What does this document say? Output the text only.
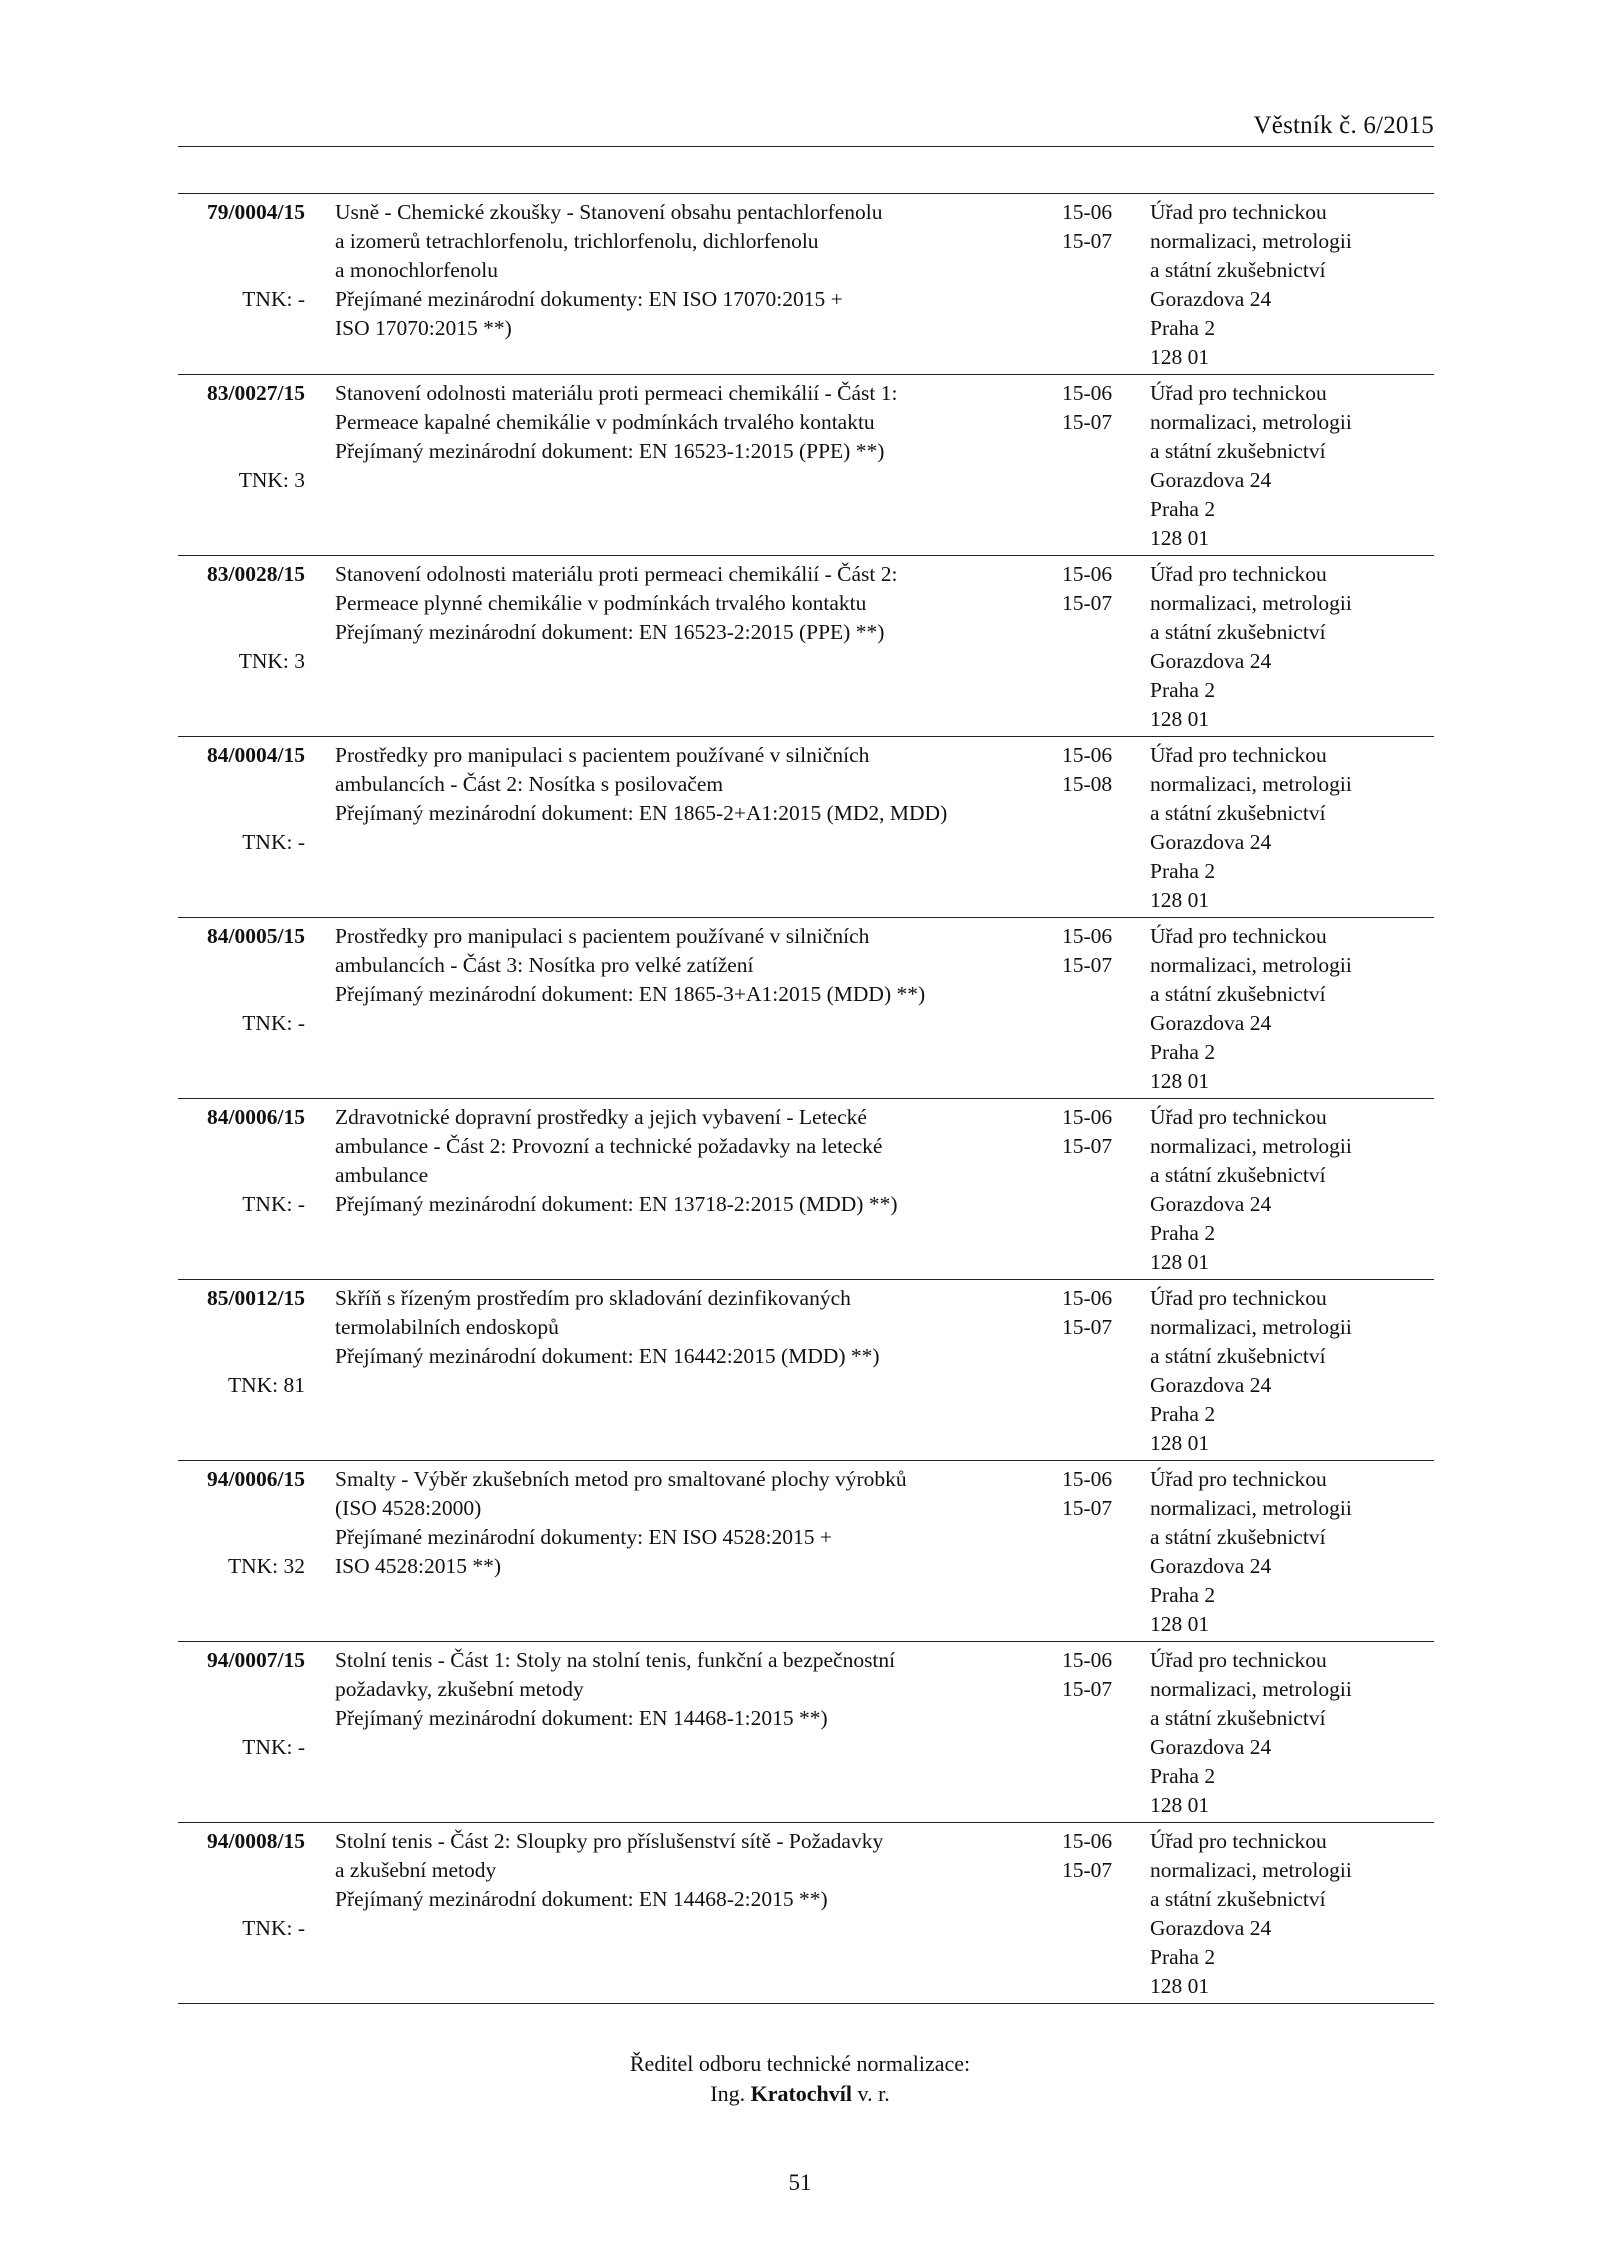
Věstník č. 6/2015
79/0004/15
TNK: -
Usně - Chemické zkoušky - Stanovení obsahu pentachlorfenolu
a izomerů tetrachlorfenolu, trichlorfenolu, dichlorfenolu
a monochlorfenolu
Přejímané mezinárodní dokumenty: EN ISO 17070:2015 +
ISO 17070:2015 **)
15-06
15-07
Úřad pro technickou
normalizaci, metrologii
a státní zkušebnictví
Gorazdova 24
Praha 2
128 01
83/0027/15
TNK: 3
Stanovení odolnosti materiálu proti permeaci chemikálií - Část 1:
Permeace kapalné chemikálie v podmínkách trvalého kontaktu
Přejímaný mezinárodní dokument: EN 16523-1:2015 (PPE) **)
15-06
15-07
Úřad pro technickou
normalizaci, metrologii
a státní zkušebnictví
Gorazdova 24
Praha 2
128 01
83/0028/15
TNK: 3
Stanovení odolnosti materiálu proti permeaci chemikálií - Část 2:
Permeace plynné chemikálie v podmínkách trvalého kontaktu
Přejímaný mezinárodní dokument: EN 16523-2:2015 (PPE) **)
15-06
15-07
Úřad pro technickou
normalizaci, metrologii
a státní zkušebnictví
Gorazdova 24
Praha 2
128 01
84/0004/15
TNK: -
Prostředky pro manipulaci s pacientem používané v silničních
ambulancích - Část 2: Nosítka s posilovačem
Přejímaný mezinárodní dokument: EN 1865-2+A1:2015 (MD2, MDD)
15-06
15-08
Úřad pro technickou
normalizaci, metrologii
a státní zkušebnictví
Gorazdova 24
Praha 2
128 01
84/0005/15
TNK: -
Prostředky pro manipulaci s pacientem používané v silničních
ambulancích - Část 3: Nosítka pro velké zatížení
Přejímaný mezinárodní dokument: EN 1865-3+A1:2015 (MDD) **)
15-06
15-07
Úřad pro technickou
normalizaci, metrologii
a státní zkušebnictví
Gorazdova 24
Praha 2
128 01
84/0006/15
TNK: -
Zdravotnické dopravní prostředky a jejich vybavení - Letecké
ambulance - Část 2: Provozní a technické požadavky na letecké
ambulance
Přejímaný mezinárodní dokument: EN 13718-2:2015 (MDD) **)
15-06
15-07
Úřad pro technickou
normalizaci, metrologii
a státní zkušebnictví
Gorazdova 24
Praha 2
128 01
85/0012/15
TNK: 81
Skříň s řízeným prostředím pro skladování dezinfikovaných
termolabilních endoskopů
Přejímaný mezinárodní dokument: EN 16442:2015 (MDD) **)
15-06
15-07
Úřad pro technickou
normalizaci, metrologii
a státní zkušebnictví
Gorazdova 24
Praha 2
128 01
94/0006/15
TNK: 32
Smalty - Výběr zkušebních metod pro smaltované plochy výrobků
(ISO 4528:2000)
Přejímané mezinárodní dokumenty: EN ISO 4528:2015 +
ISO 4528:2015 **)
15-06
15-07
Úřad pro technickou
normalizaci, metrologii
a státní zkušebnictví
Gorazdova 24
Praha 2
128 01
94/0007/15
TNK: -
Stolní tenis - Část 1: Stoly na stolní tenis, funkční a bezpečnostní
požadavky, zkušební metody
Přejímaný mezinárodní dokument: EN 14468-1:2015 **)
15-06
15-07
Úřad pro technickou
normalizaci, metrologii
a státní zkušebnictví
Gorazdova 24
Praha 2
128 01
94/0008/15
TNK: -
Stolní tenis - Část 2: Sloupky pro příslušenství sítě - Požadavky
a zkušební metody
Přejímaný mezinárodní dokument: EN 14468-2:2015 **)
15-06
15-07
Úřad pro technickou
normalizaci, metrologii
a státní zkušebnictví
Gorazdova 24
Praha 2
128 01
Ředitel odboru technické normalizace:
Ing. Kratochvíl v. r.
51
